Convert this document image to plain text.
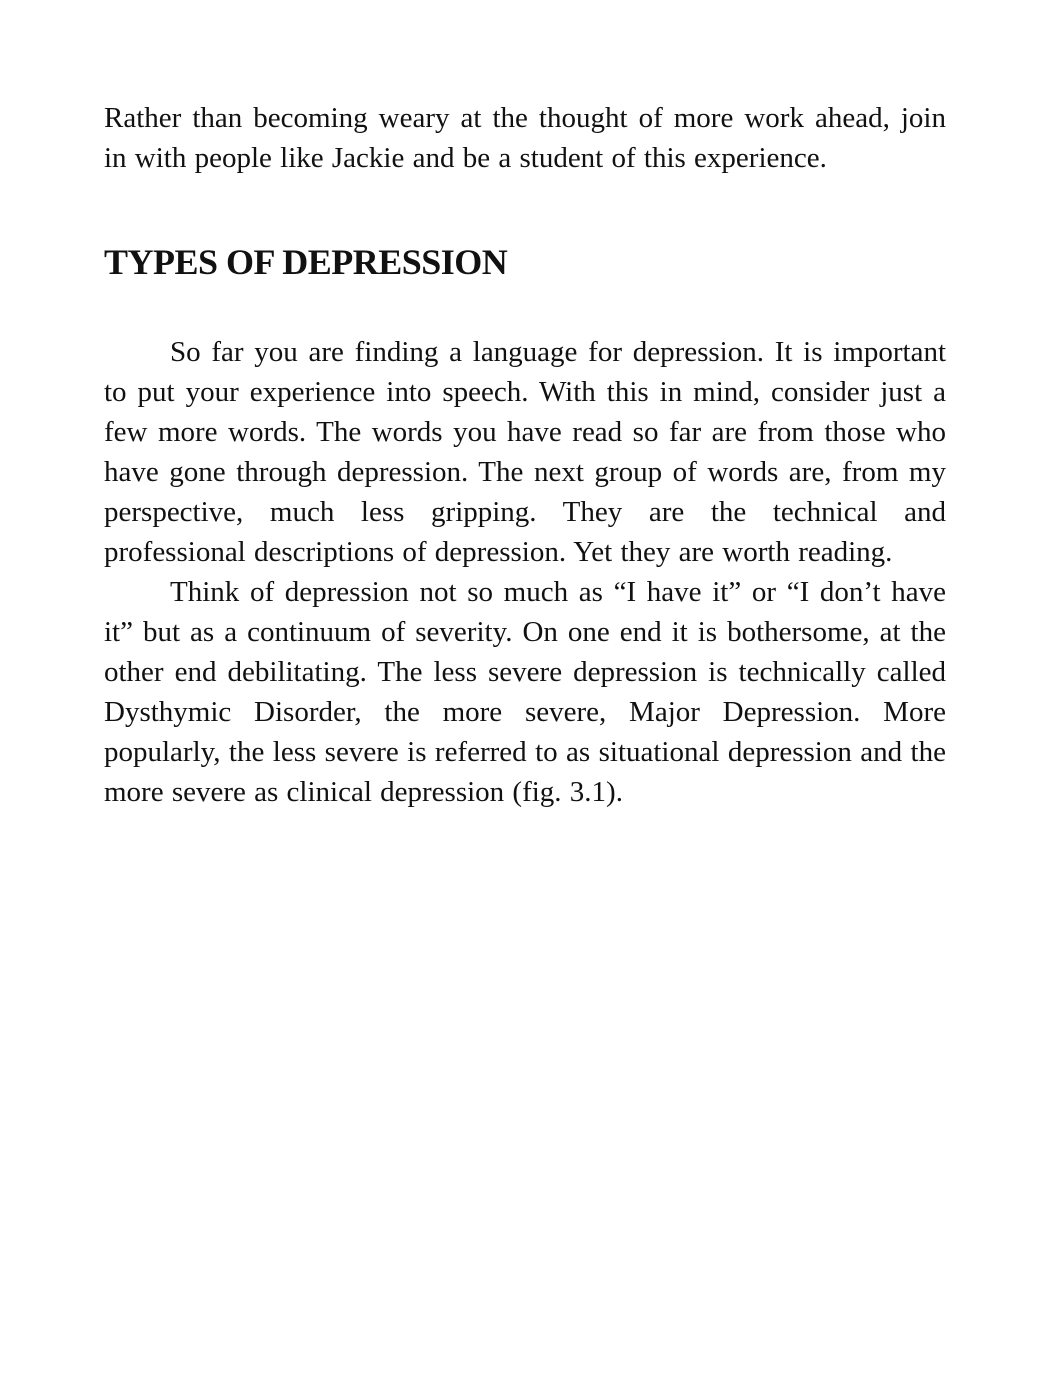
Rather than becoming weary at the thought of more work ahead, join in with people like Jackie and be a student of this experience.

TYPES OF DEPRESSION

So far you are finding a language for depression. It is important to put your experience into speech. With this in mind, consider just a few more words. The words you have read so far are from those who have gone through depression. The next group of words are, from my perspective, much less gripping. They are the technical and professional descriptions of depression. Yet they are worth reading.

Think of depression not so much as “I have it” or “I don’t have it” but as a continuum of severity. On one end it is bothersome, at the other end debilitating. The less severe depression is technically called Dysthymic Disorder, the more severe, Major Depression. More popularly, the less severe is referred to as situational depression and the more severe as clinical depression (fig. 3.1).
